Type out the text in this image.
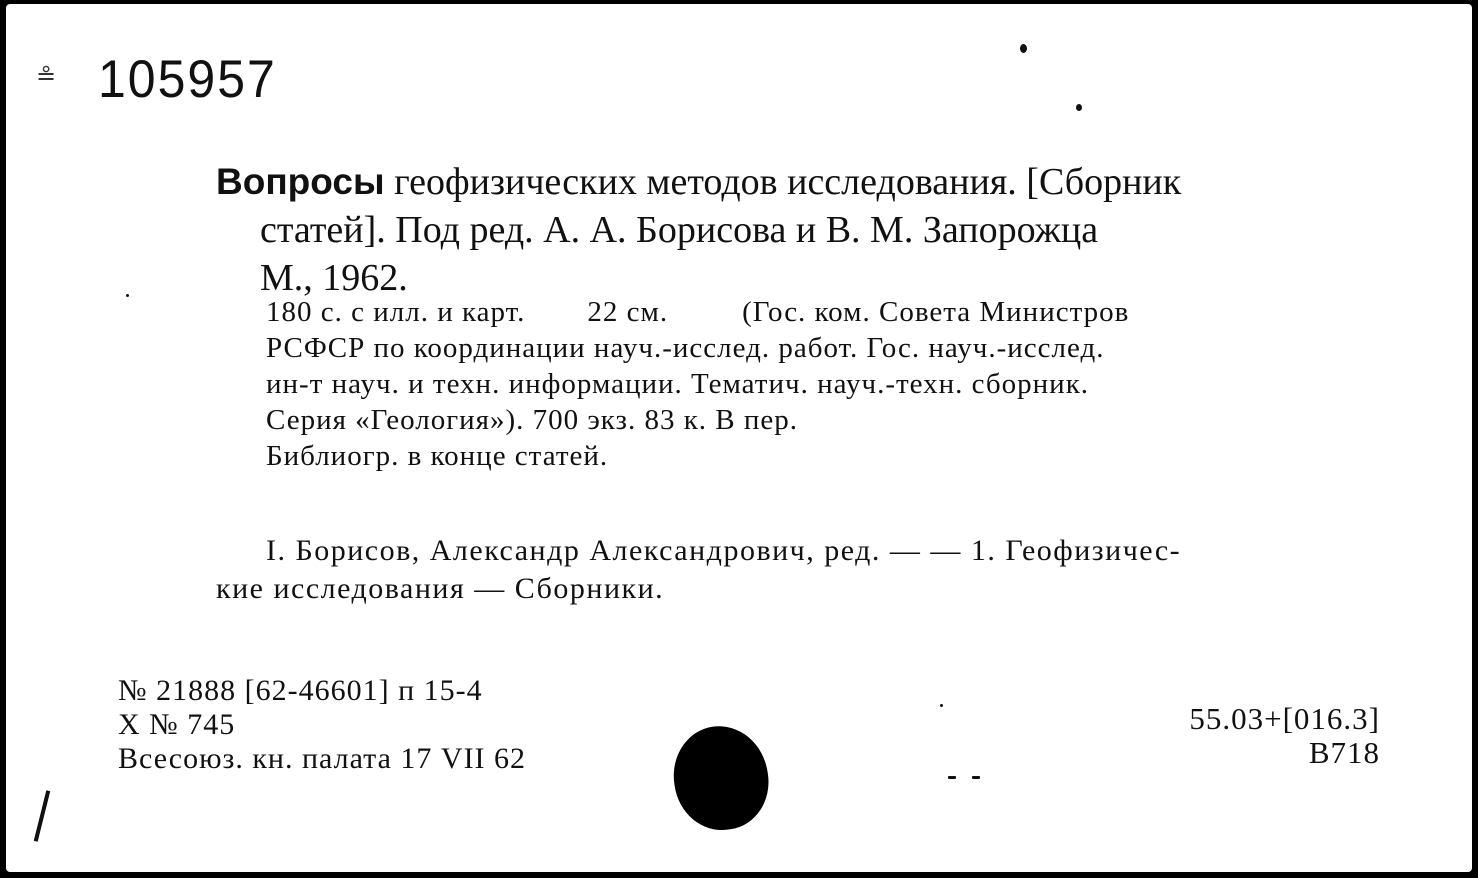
≗ 105957
Вопросы геофизических методов исследования. [Сборник
статей]. Под ред. А. А. Борисова и В. М. Запорожца
М., 1962.
180 с. с илл. и карт. 22 см.	(Гос. ком. Совета Министров
РСФСР по координации науч.-исслед. работ. Гос. науч.-исслед.
ин-т науч. и техн. информации. Тематич. науч.-техн. сборник.
Серия «Геология»). 700 экз. 83 к. В пер.
Библиогр. в конце статей.
I. Борисов, Александр Александрович, ред. — — 1. Геофизичес-
кие исследования — Сборники.
№ 21888 [62-46601] п 15-4
Х № 745
Всесоюз. кн. палата 17 VII 62
55.03+[016.3]
В718
